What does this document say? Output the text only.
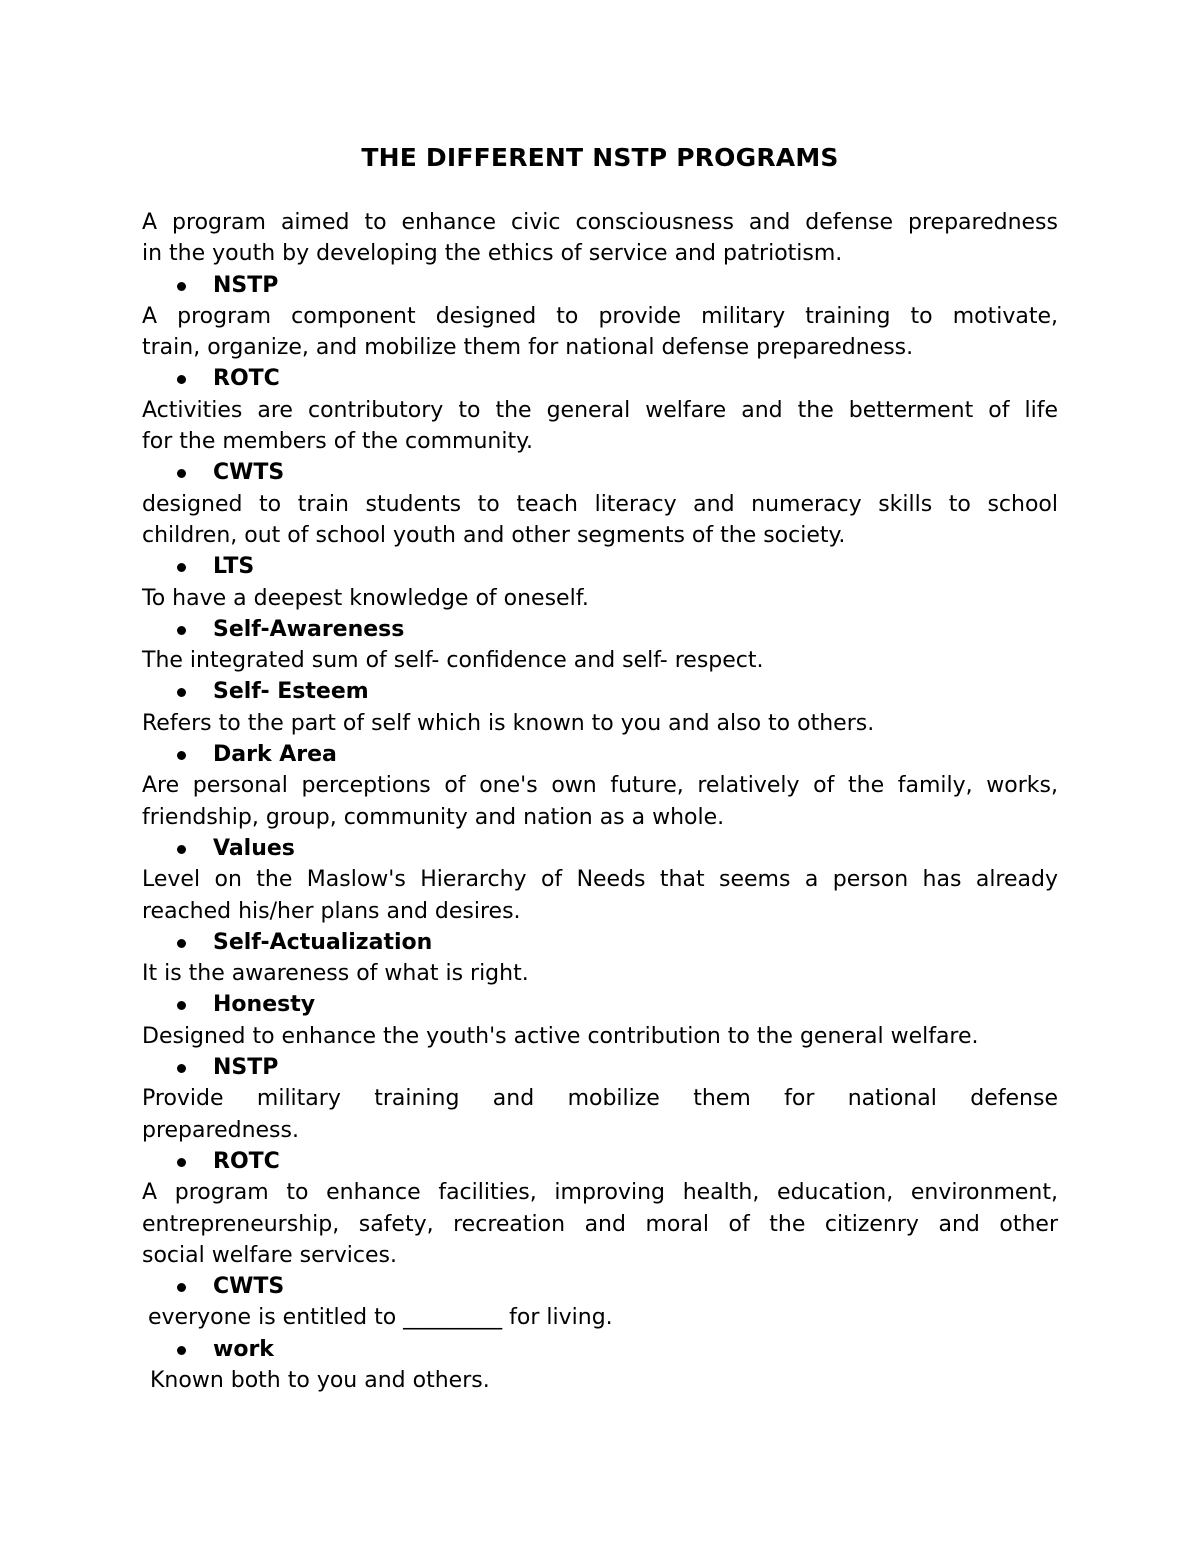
THE DIFFERENT NSTP PROGRAMS
A program aimed to enhance civic consciousness and defense preparedness
in the youth by developing the ethics of service and patriotism.
NSTP
A program component designed to provide military training to motivate,
train, organize, and mobilize them for national defense preparedness.
ROTC
Activities are contributory to the general welfare and the betterment of life
for the members of the community.
CWTS
designed to train students to teach literacy and numeracy skills to school
children, out of school youth and other segments of the society.
LTS
To have a deepest knowledge of oneself.
Self-Awareness
The integrated sum of self- confidence and self- respect.
Self- Esteem
Refers to the part of self which is known to you and also to others.
Dark Area
Are personal perceptions of one's own future, relatively of the family, works,
friendship, group, community and nation as a whole.
Values
Level on the Maslow's Hierarchy of Needs that seems a person has already
reached his/her plans and desires.
Self-Actualization
It is the awareness of what is right.
Honesty
Designed to enhance the youth's active contribution to the general welfare.
NSTP
Provide military training and mobilize them for national defense
preparedness.
ROTC
A program to enhance facilities, improving health, education, environment,
entrepreneurship, safety, recreation and moral of the citizenry and other
social welfare services.
CWTS
everyone is entitled to _________ for living.
work
Known both to you and others.
